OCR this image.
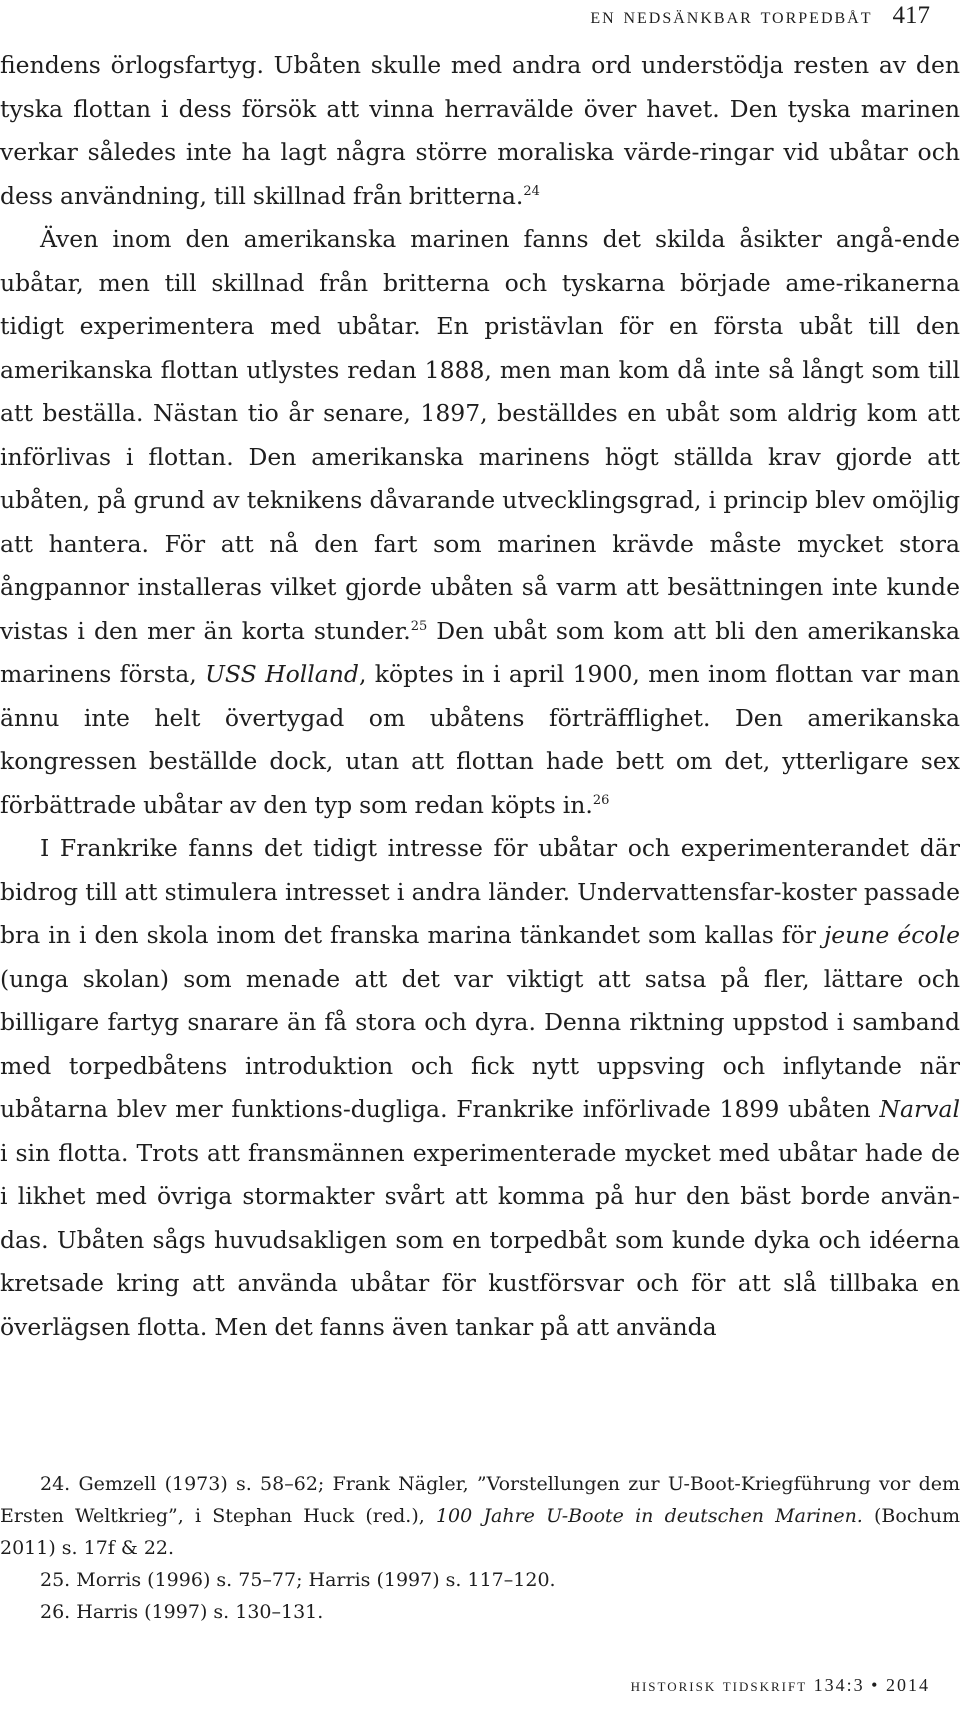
en nedsänkbar torpedbåt 417

fiendens örlogsfartyg. Ubåten skulle med andra ord understödja resten av den tyska flottan i dess försök att vinna herravälde över havet. Den tyska marinen verkar således inte ha lagt några större moraliska värde-ringar vid ubåtar och dess användning, till skillnad från britterna.$^{24}$

Även inom den amerikanska marinen fanns det skilda åsikter angå-ende ubåtar, men till skillnad från britterna och tyskarna började ame-rikanerna tidigt experimentera med ubåtar. En pristävlan för en första ubåt till den amerikanska flottan utlystes redan 1888, men man kom då inte så långt som till att beställa. Nästan tio år senare, 1897, beställdes en ubåt som aldrig kom att införlivas i flottan. Den amerikanska marinens högt ställda krav gjorde att ubåten, på grund av teknikens dåvarande utvecklingsgrad, i princip blev omöjlig att hantera. För att nå den fart som marinen krävde måste mycket stora ångpannor installeras vilket gjorde ubåten så varm att besättningen inte kunde vistas i den mer än korta stunder.$^{25}$ Den ubåt som kom att bli den amerikanska marinens första, USS Holland, köptes in i april 1900, men inom flottan var man ännu inte helt övertygad om ubåtens förträfflighet. Den amerikanska kongressen beställde dock, utan att flottan hade bett om det, ytterligare sex förbättrade ubåtar av den typ som redan köpts in.$^{26}$

I Frankrike fanns det tidigt intresse för ubåtar och experimenterandet där bidrog till att stimulera intresset i andra länder. Undervattensfar-koster passade bra in i den skola inom det franska marina tänkandet som kallas för jeune école (unga skolan) som menade att det var viktigt att satsa på fler, lättare och billigare fartyg snarare än få stora och dyra. Denna riktning uppstod i samband med torpedbåtens introduktion och fick nytt uppsving och inflytande när ubåtarna blev mer funktions-dugliga. Frankrike införlivade 1899 ubåten Narval i sin flotta. Trots att fransmännen experimenterade mycket med ubåtar hade de i likhet med övriga stormakter svårt att komma på hur den bäst borde använ-das. Ubåten sågs huvudsakligen som en torpedbåt som kunde dyka och idéerna kretsade kring att använda ubåtar för kustförsvar och för att slå tillbaka en överlägsen flotta. Men det fanns även tankar på att använda

24. Gemzell (1973) s. 58–62; Frank Nägler, ”Vorstellungen zur U-Boot-Kriegführung vor dem Ersten Weltkrieg”, i Stephan Huck (red.), 100 Jahre U-Boote in deutschen Marinen. (Bochum 2011) s. 17f & 22.

25. Morris (1996) s. 75–77; Harris (1997) s. 117–120.

26. Harris (1997) s. 130–131.

historisk tidskrift 134:3 • 2014
